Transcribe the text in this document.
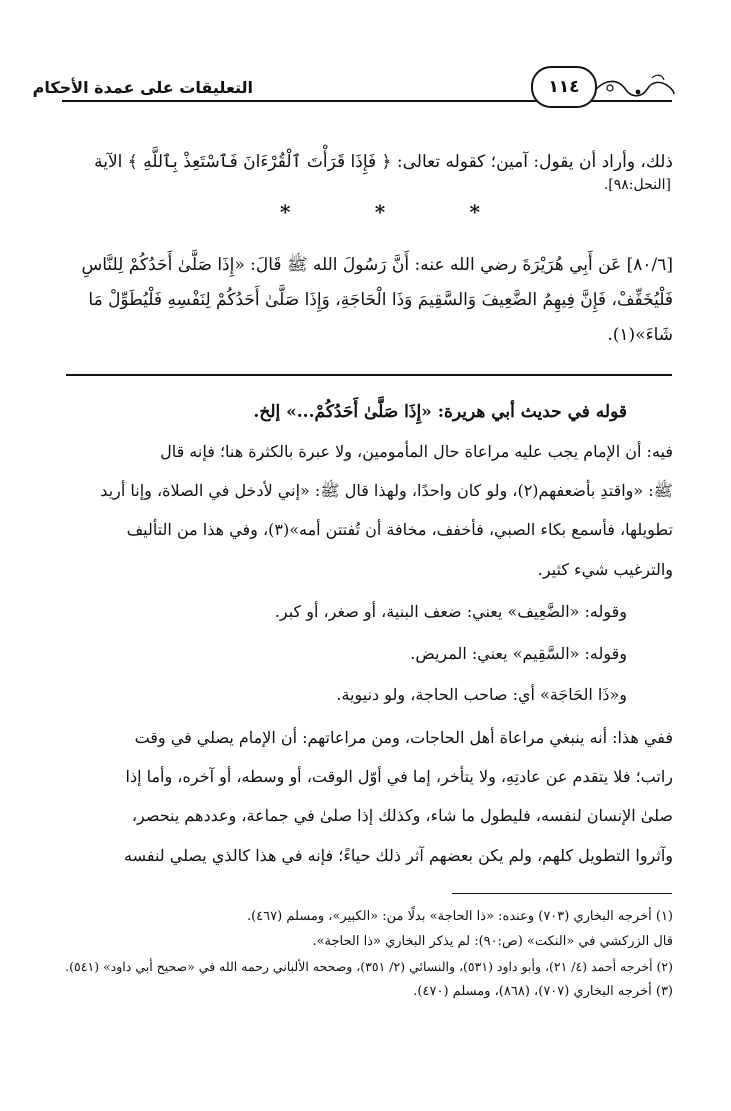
التعليقات على عمدة الأحكام	١١٤
ذلك، وأراد أن يقول: آمين؛ كقوله تعالى: ﴿ فَإِذَا قَرَأْتَ ٱلْقُرْءَانَ فَٱسْتَعِذْ بِٱللَّهِ ﴾ الآية
[النحل:٩٨].
*	*	*
[٨٠/٦] عَن أَبِي هُرَيْرَةَ رضي الله عنه: أَنَّ رَسُولَ الله ﷺ قَالَ: «إِذَا صَلَّىٰ أَحَدُكُمْ لِلنَّاسِ
فَلْيُخَفِّفْ، فَإِنَّ فِيهِمُ الضَّعِيفَ وَالسَّقِيمَ وَذَا الْحَاجَةِ، وَإِذَا صَلَّىٰ أَحَدُكُمْ لِنَفْسِهِ فَلْيُطَوِّلْ مَا
شَاءَ»(١).
قوله في حديث أبي هريرة: «إِذَا صَلَّىٰ أَحَدُكُمْ...» إلخ.
فيه: أن الإمام يجب عليه مراعاة حال المأمومين، ولا عبرة بالكثرة هنا؛ فإنه قال
ﷺ: «واقتدِ بأضعفهم(٢)، ولو كان واحدًا، ولهذا قال ﷺ: «إني لأدخل في الصلاة، وإنا أريد
تطويلها، فأسمع بكاء الصبي، فأخفف، مخافة أن تُفتتن أمه»(٣)، وفي هذا من التأليف
والترغيب شيء كثير.
وقوله: «الضَّعِيف» يعني: ضعف البنية، أو صغر، أو كبر.
وقوله: «السَّقِيم» يعني: المريض.
و«ذَا الحَاجَة» أي: صاحب الحاجة، ولو دنيوية.
ففي هذا: أنه ينبغي مراعاة أهل الحاجات، ومن مراعاتهم: أن الإمام يصلي في وقت
راتب؛ فلا يتقدم عن عادتِهِ، ولا يتأخر، إما في أوّل الوقت، أو وسطه، أو آخره، وأما إذا
صلىٰ الإنسان لنفسه، فليطول ما شاء، وكذلك إذا صلىٰ في جماعة، وعددهم ينحصر،
وآثروا التطويل كلهم، ولم يكن بعضهم آثر ذلك حياءً؛ فإنه في هذا كالذي يصلي لنفسه
(١) أخرجه البخاري (٧٠٣) وعنده: «ذا الحاجة» بدلًا من: «الكبير»، ومسلم (٤٦٧).
قال الزركشي في «النكت» (ص:٩٠): لم يذكر البخاري «ذا الحاجة».
(٢) أخرجه أحمد (٤/ ٢١)، وأبو داود (٥٣١)، والنسائي (٢/ ٣٥١)، وصححه الألباني رحمه الله في «صحيح أبي داود» (٥٤١).
(٣) أخرجه البخاري (٧٠٧)، (٨٦٨)، ومسلم (٤٧٠).
